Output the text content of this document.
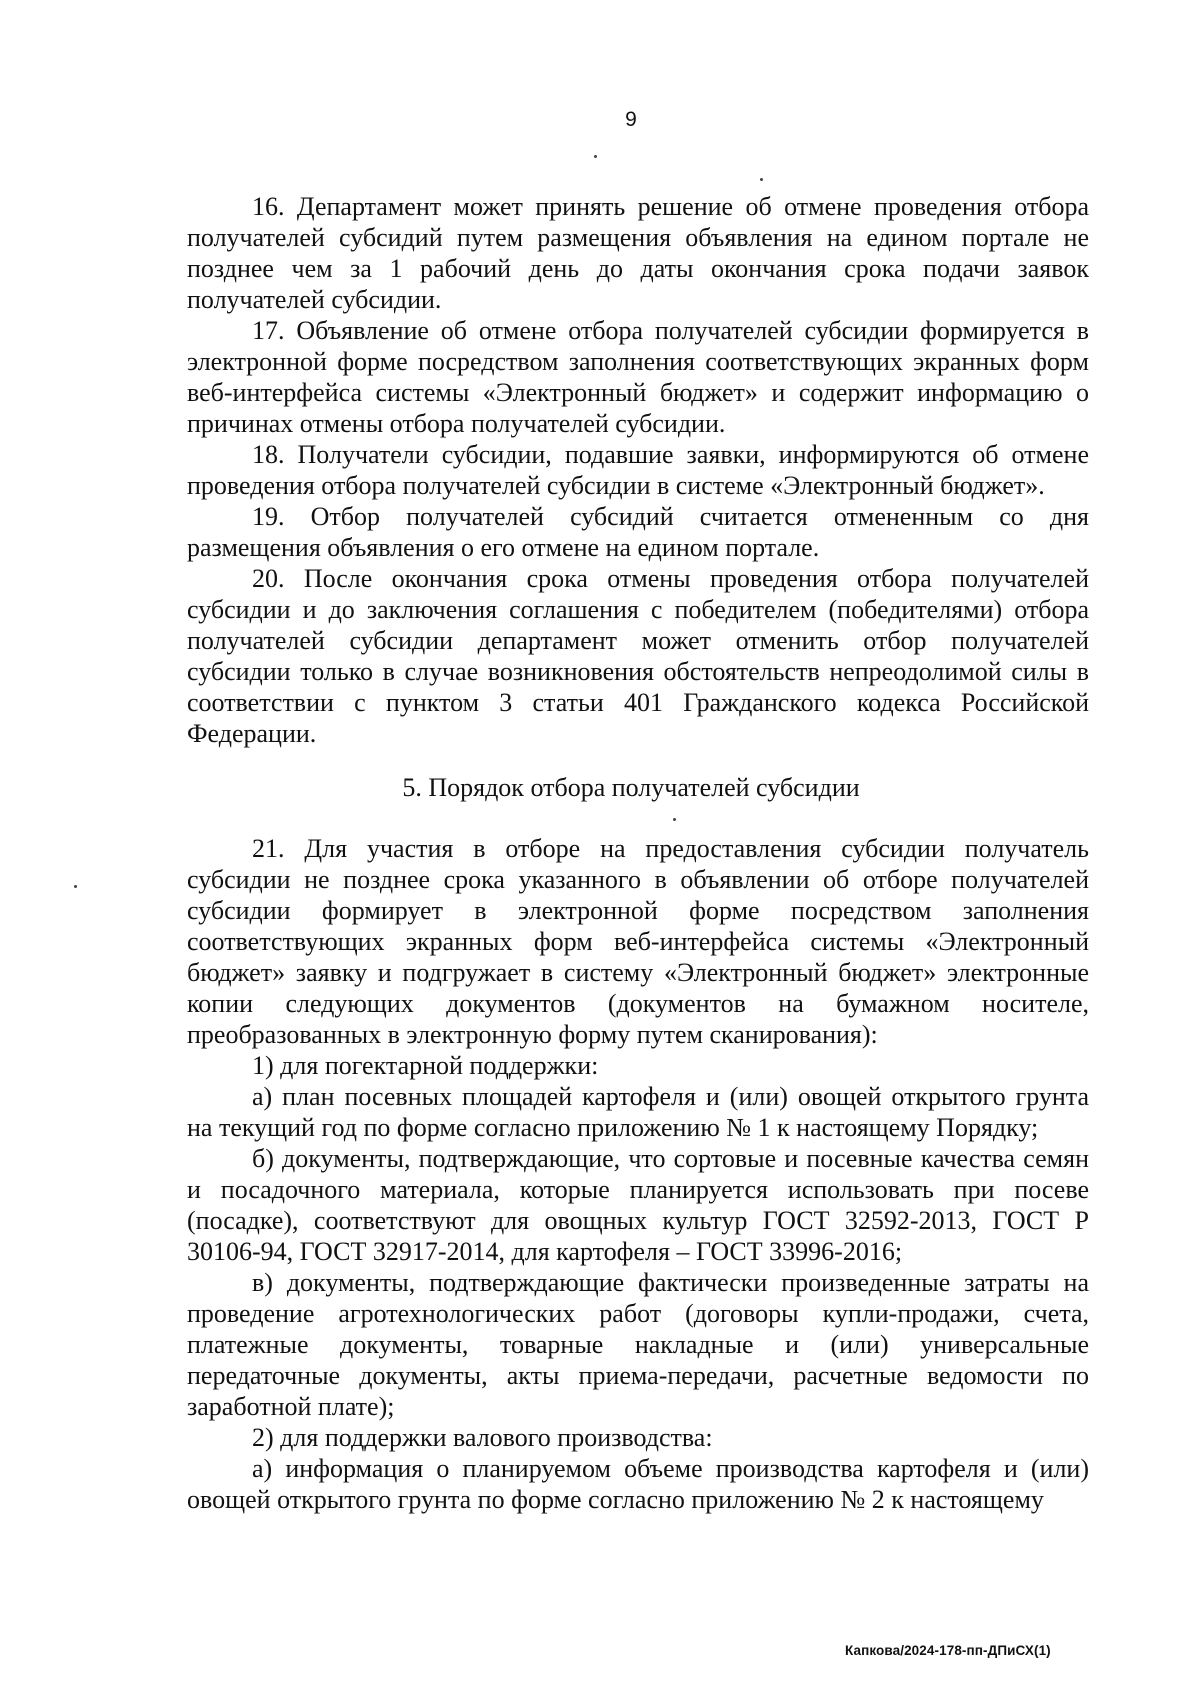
9

16. Департамент может принять решение об отмене проведения отбора получателей субсидий путем размещения объявления на едином портале не позднее чем за 1 рабочий день до даты окончания срока подачи заявок получателей субсидии.

17. Объявление об отмене отбора получателей субсидии формируется в электронной форме посредством заполнения соответствующих экранных форм веб-интерфейса системы «Электронный бюджет» и содержит информацию о причинах отмены отбора получателей субсидии.

18. Получатели субсидии, подавшие заявки, информируются об отмене проведения отбора получателей субсидии в системе «Электронный бюджет».

19. Отбор получателей субсидий считается отмененным со дня размещения объявления о его отмене на едином портале.

20. После окончания срока отмены проведения отбора получателей субсидии и до заключения соглашения с победителем (победителями) отбора получателей субсидии департамент может отменить отбор получателей субсидии только в случае возникновения обстоятельств непреодолимой силы в соответствии с пунктом 3 статьи 401 Гражданского кодекса Российской Федерации.

5. Порядок отбора получателей субсидии

21. Для участия в отборе на предоставления субсидии получатель субсидии не позднее срока указанного в объявлении об отборе получателей субсидии формирует в электронной форме посредством заполнения соответствующих экранных форм веб-интерфейса системы «Электронный бюджет» заявку и подгружает в систему «Электронный бюджет» электронные копии следующих документов (документов на бумажном носителе, преобразованных в электронную форму путем сканирования):

1) для погектарной поддержки:

а) план посевных площадей картофеля и (или) овощей открытого грунта на текущий год по форме согласно приложению № 1 к настоящему Порядку;

б) документы, подтверждающие, что сортовые и посевные качества семян и посадочного материала, которые планируется использовать при посеве (посадке), соответствуют для овощных культур ГОСТ 32592-2013, ГОСТ Р 30106-94, ГОСТ 32917-2014, для картофеля – ГОСТ 33996-2016;

в) документы, подтверждающие фактически произведенные затраты на проведение агротехнологических работ (договоры купли-продажи, счета, платежные документы, товарные накладные и (или) универсальные передаточные документы, акты приема-передачи, расчетные ведомости по заработной плате);

2) для поддержки валового производства:

а) информация о планируемом объеме производства картофеля и (или) овощей открытого грунта по форме согласно приложению № 2 к настоящему

Капкова/2024-178-пп-ДПиСХ(1)
